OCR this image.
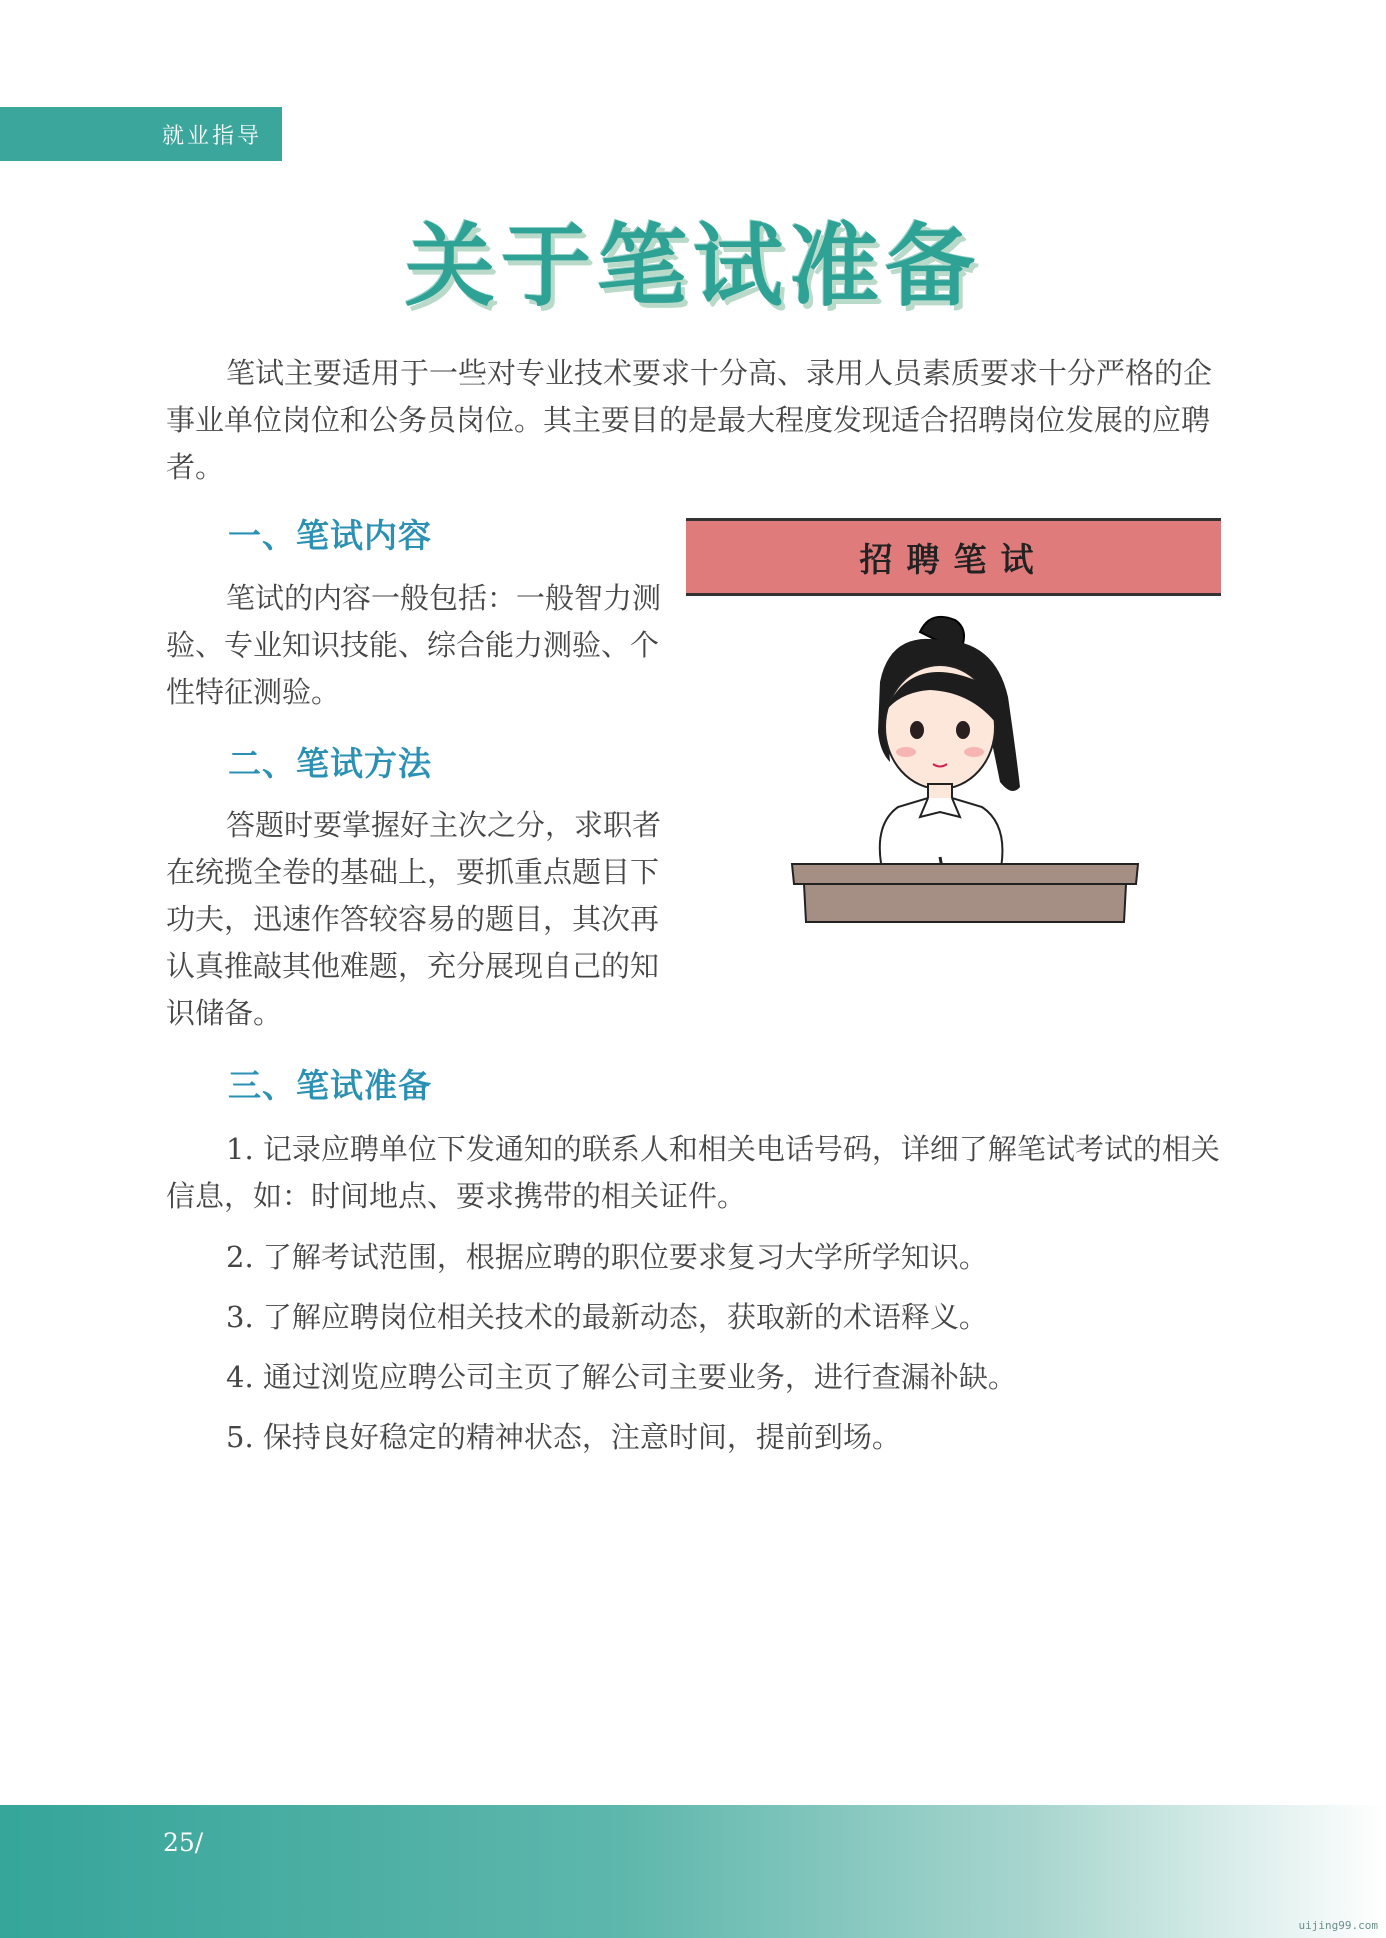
就业指导
关于笔试准备

笔试主要适用于一些对专业技术要求十分高、录用人员素质要求十分严格的企事业单位岗位和公务员岗位。其主要目的是最大程度发现适合招聘岗位发展的应聘者。

一、笔试内容

笔试的内容一般包括：一般智力测验、专业知识技能、综合能力测验、个性特征测验。

二、笔试方法

答题时要掌握好主次之分，求职者在统揽全卷的基础上，要抓重点题目下功夫，迅速作答较容易的题目，其次再认真推敲其他难题，充分展现自己的知识储备。

招聘笔试
三、笔试准备

1. 记录应聘单位下发通知的联系人和相关电话号码，详细了解笔试考试的相关信息，如：时间地点、要求携带的相关证件。

2. 了解考试范围，根据应聘的职位要求复习大学所学知识。

3. 了解应聘岗位相关技术的最新动态，获取新的术语释义。

4. 通过浏览应聘公司主页了解公司主要业务，进行查漏补缺。

5. 保持良好稳定的精神状态，注意时间，提前到场。

25/
uijing99.com
